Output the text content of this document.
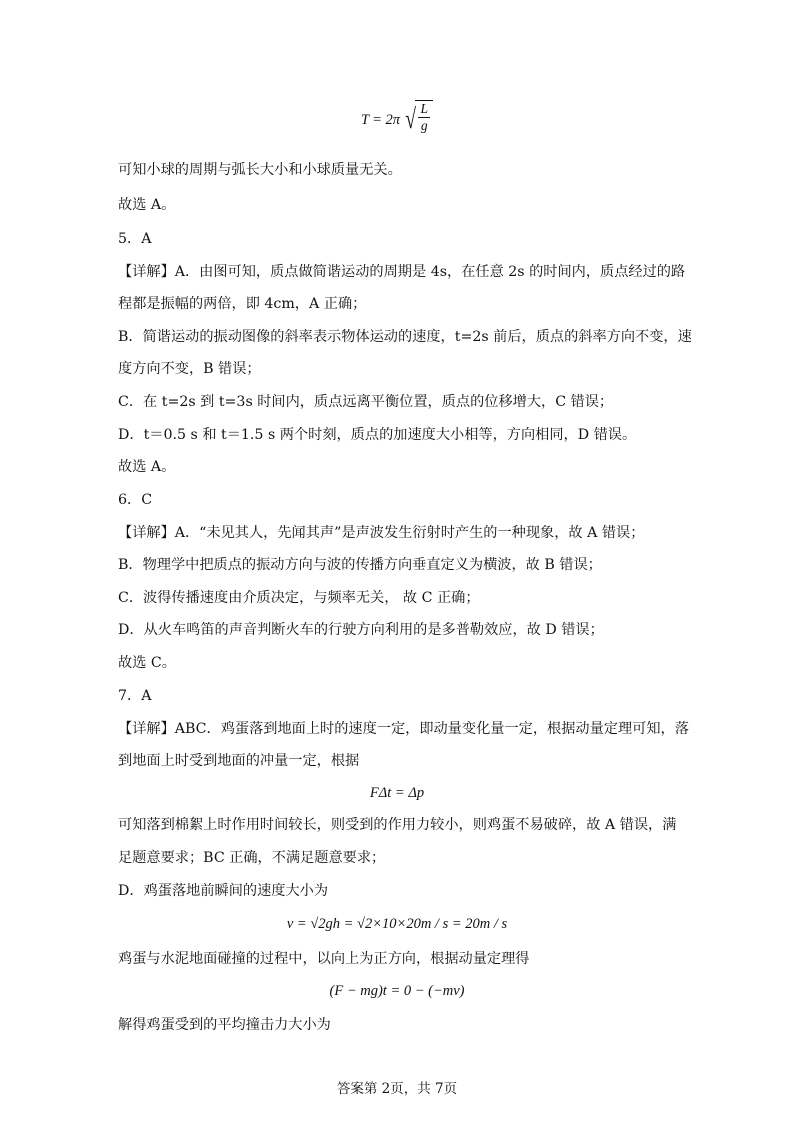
T = 2π √ $\frac{L}{g}$
可知小球的周期与弧长大小和小球质量无关。
故选 A。
5．A
【详解】A．由图可知，质点做简谐运动的周期是 4s，在任意 2s 的时间内，质点经过的路
程都是振幅的两倍，即 4cm，A 正确；
B．简谐运动的振动图像的斜率表示物体运动的速度，t=2s 前后，质点的斜率方向不变，速
度方向不变，B 错误；
C．在 t=2s 到 t=3s 时间内，质点远离平衡位置，质点的位移增大，C 错误；
D．t＝0.5 s 和 t＝1.5 s 两个时刻，质点的加速度大小相等，方向相同，D 错误。
故选 A。
6．C
【详解】A．“未见其人，先闻其声”是声波发生衍射时产生的一种现象，故 A 错误；
B．物理学中把质点的振动方向与波的传播方向垂直定义为横波，故 B 错误；
C．波得传播速度由介质决定，与频率无关， 故 C 正确；
D．从火车鸣笛的声音判断火车的行驶方向利用的是多普勒效应，故 D 错误；
故选 C。
7．A
【详解】ABC．鸡蛋落到地面上时的速度一定，即动量变化量一定，根据动量定理可知，落
到地面上时受到地面的冲量一定，根据
FΔt = Δp
可知落到棉絮上时作用时间较长，则受到的作用力较小，则鸡蛋不易破碎，故 A 错误，满
足题意要求；BC 正确，不满足题意要求；
D．鸡蛋落地前瞬间的速度大小为
v = √2gh = √2×10×20m / s = 20m / s
鸡蛋与水泥地面碰撞的过程中，以向上为正方向，根据动量定理得
(F − mg)t = 0 − (−mv)
解得鸡蛋受到的平均撞击力大小为
答案第 2页，共 7页
